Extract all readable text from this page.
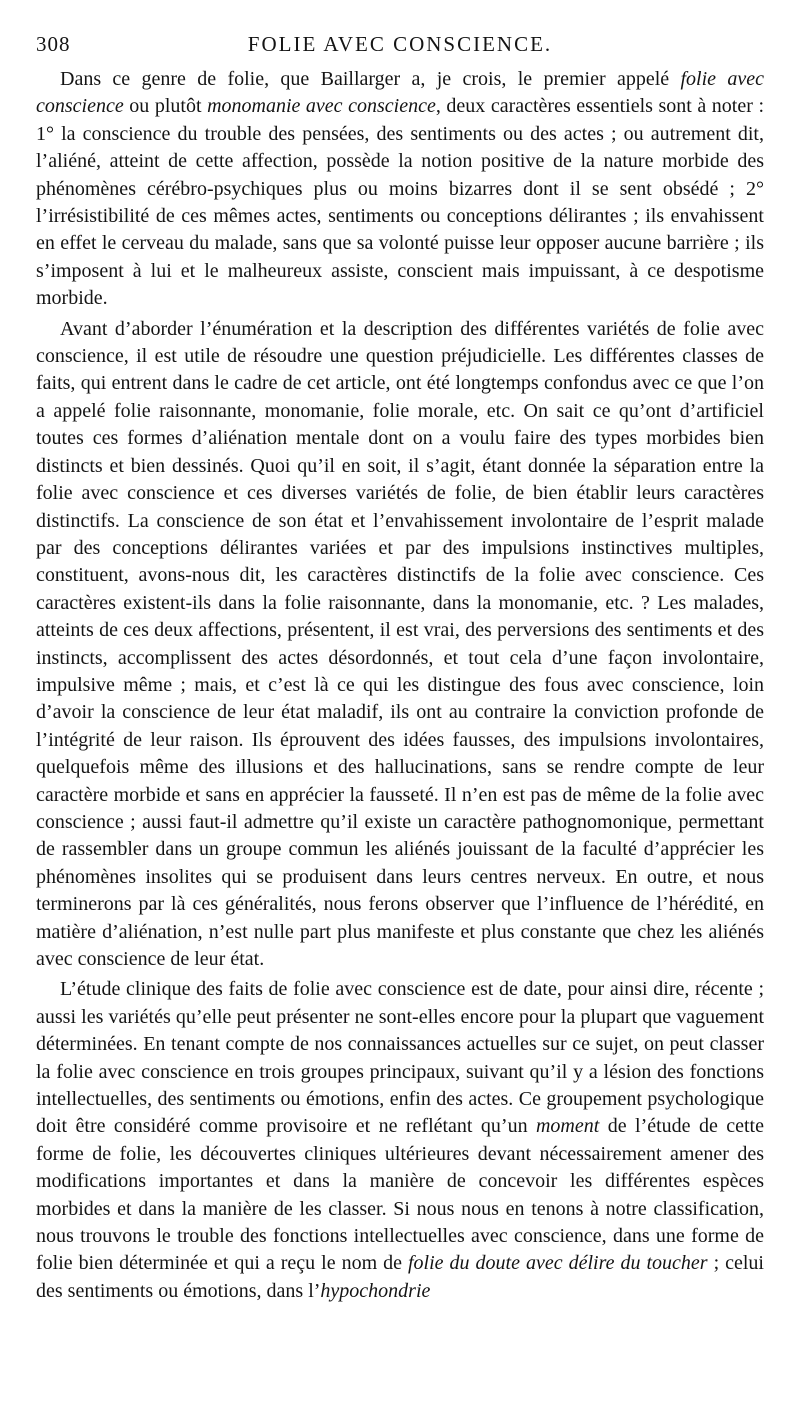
308	FOLIE AVEC CONSCIENCE.

Dans ce genre de folie, que Baillarger a, je crois, le premier appelé folie avec conscience ou plutôt monomanie avec conscience, deux caractères essentiels sont à noter : 1° la conscience du trouble des pensées, des sentiments ou des actes ; ou autrement dit, l’aliéné, atteint de cette affection, possède la notion positive de la nature morbide des phénomènes cérébro-psychiques plus ou moins bizarres dont il se sent obsédé ; 2° l’irrésistibilité de ces mêmes actes, sentiments ou conceptions délirantes ; ils envahissent en effet le cerveau du malade, sans que sa volonté puisse leur opposer aucune barrière ; ils s’imposent à lui et le malheureux assiste, conscient mais impuissant, à ce despotisme morbide.

Avant d’aborder l’énumération et la description des différentes variétés de folie avec conscience, il est utile de résoudre une question préjudicielle. Les différentes classes de faits, qui entrent dans le cadre de cet article, ont été longtemps confondus avec ce que l’on a appelé folie raisonnante, monomanie, folie morale, etc. On sait ce qu’ont d’artificiel toutes ces formes d’aliénation mentale dont on a voulu faire des types morbides bien distincts et bien dessinés. Quoi qu’il en soit, il s’agit, étant donnée la séparation entre la folie avec conscience et ces diverses variétés de folie, de bien établir leurs caractères distinctifs. La conscience de son état et l’envahissement involontaire de l’esprit malade par des conceptions délirantes variées et par des impulsions instinctives multiples, constituent, avons-nous dit, les caractères distinctifs de la folie avec conscience. Ces caractères existent-ils dans la folie raisonnante, dans la monomanie, etc. ? Les malades, atteints de ces deux affections, présentent, il est vrai, des perversions des sentiments et des instincts, accomplissent des actes désordonnés, et tout cela d’une façon involontaire, impulsive même ; mais, et c’est là ce qui les distingue des fous avec conscience, loin d’avoir la conscience de leur état maladif, ils ont au contraire la conviction profonde de l’intégrité de leur raison. Ils éprouvent des idées fausses, des impulsions involontaires, quelquefois même des illusions et des hallucinations, sans se rendre compte de leur caractère morbide et sans en apprécier la fausseté. Il n’en est pas de même de la folie avec conscience ; aussi faut-il admettre qu’il existe un caractère pathognomonique, permettant de rassembler dans un groupe commun les aliénés jouissant de la faculté d’apprécier les phénomènes insolites qui se produisent dans leurs centres nerveux. En outre, et nous terminerons par là ces généralités, nous ferons observer que l’influence de l’hérédité, en matière d’aliénation, n’est nulle part plus manifeste et plus constante que chez les aliénés avec conscience de leur état.

L’étude clinique des faits de folie avec conscience est de date, pour ainsi dire, récente ; aussi les variétés qu’elle peut présenter ne sont-elles encore pour la plupart que vaguement déterminées. En tenant compte de nos connaissances actuelles sur ce sujet, on peut classer la folie avec conscience en trois groupes principaux, suivant qu’il y a lésion des fonctions intellectuelles, des sentiments ou émotions, enfin des actes. Ce groupement psychologique doit être considéré comme provisoire et ne reflétant qu’un moment de l’étude de cette forme de folie, les découvertes cliniques ultérieures devant nécessairement amener des modifications importantes et dans la manière de concevoir les différentes espèces morbides et dans la manière de les classer. Si nous nous en tenons à notre classification, nous trouvons le trouble des fonctions intellectuelles avec conscience, dans une forme de folie bien déterminée et qui a reçu le nom de folie du doute avec délire du toucher ; celui des sentiments ou émotions, dans l’hypochondrie
